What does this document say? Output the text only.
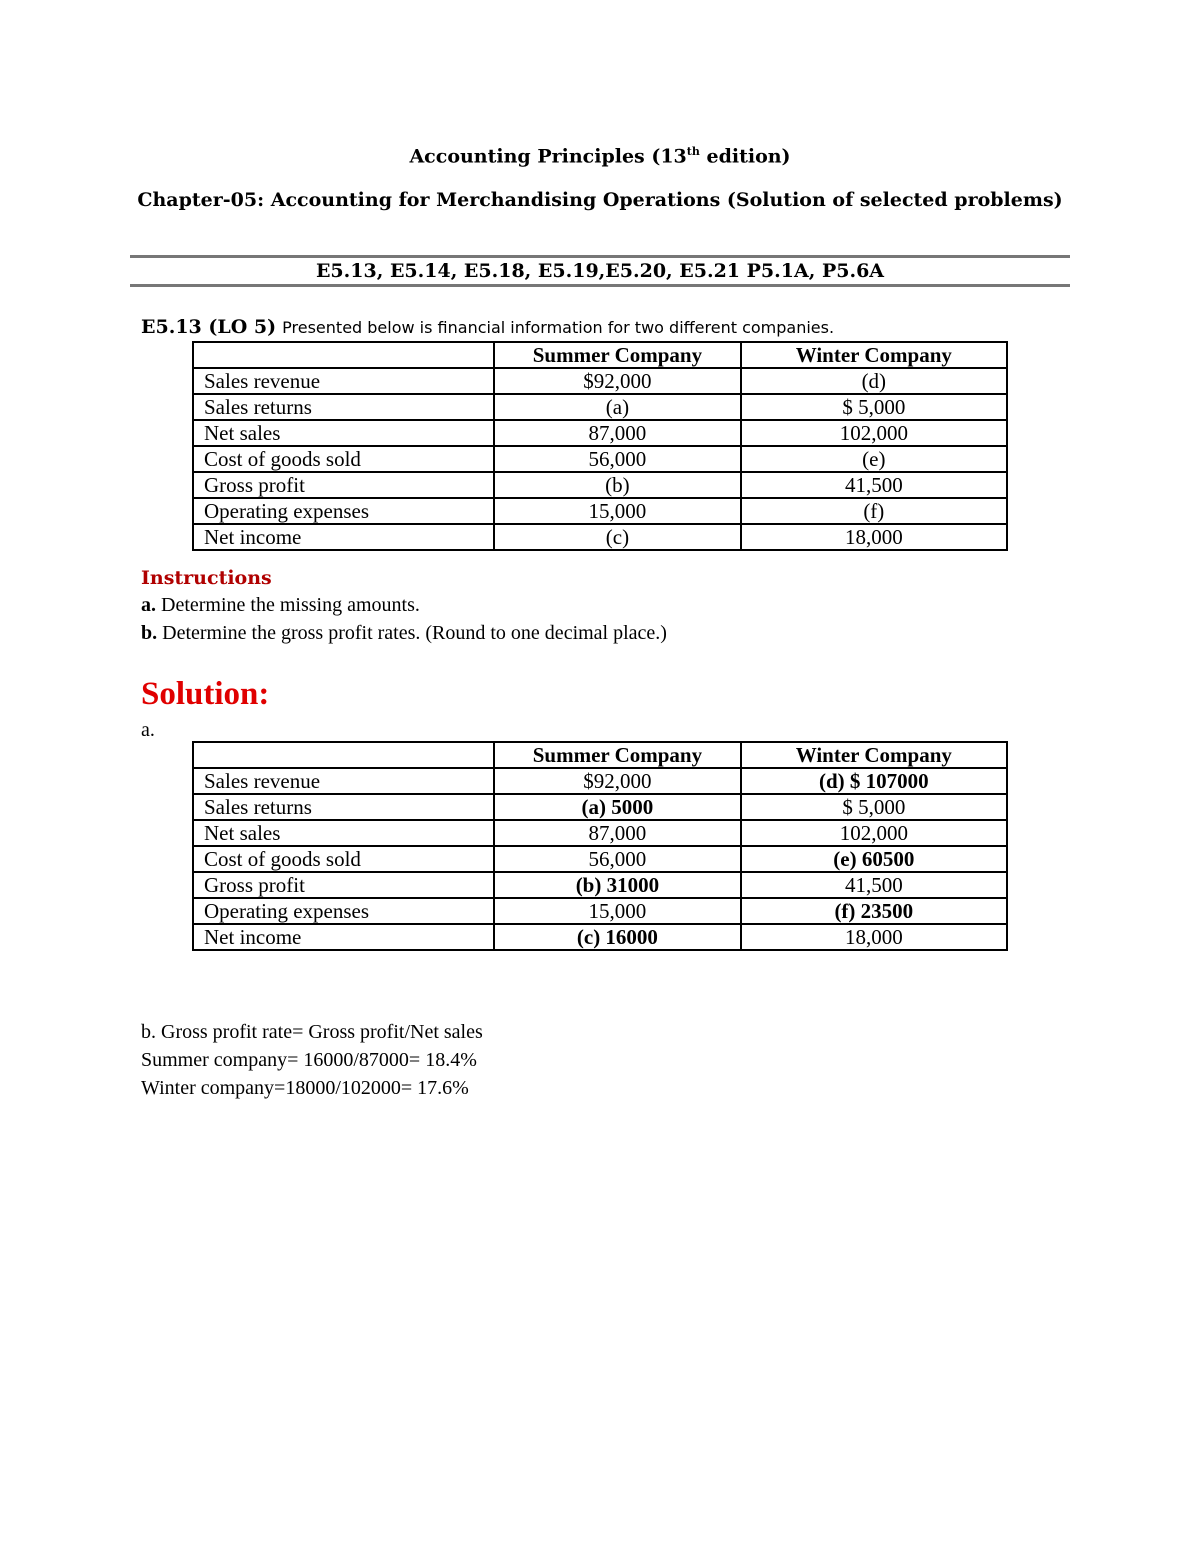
Accounting Principles (13th edition)
Chapter-05: Accounting for Merchandising Operations (Solution of selected problems)
E5.13, E5.14, E5.18, E5.19,E5.20, E5.21 P5.1A, P5.6A
E5.13 (LO 5) Presented below is financial information for two different companies.
	Summer Company	Winter Company
Sales revenue	$92,000	(d)
Sales returns	(a)	$ 5,000
Net sales	87,000	102,000
Cost of goods sold	56,000	(e)
Gross profit	(b)	41,500
Operating expenses	15,000	(f)
Net income	(c)	18,000
Instructions
a. Determine the missing amounts.
b. Determine the gross profit rates. (Round to one decimal place.)
Solution:
a.
	Summer Company	Winter Company
Sales revenue	$92,000	(d) $ 107000
Sales returns	(a) 5000	$ 5,000
Net sales	87,000	102,000
Cost of goods sold	56,000	(e) 60500
Gross profit	(b) 31000	41,500
Operating expenses	15,000	(f) 23500
Net income	(c) 16000	18,000
b. Gross profit rate= Gross profit/Net sales
Summer company= 16000/87000= 18.4%
Winter company=18000/102000= 17.6%
